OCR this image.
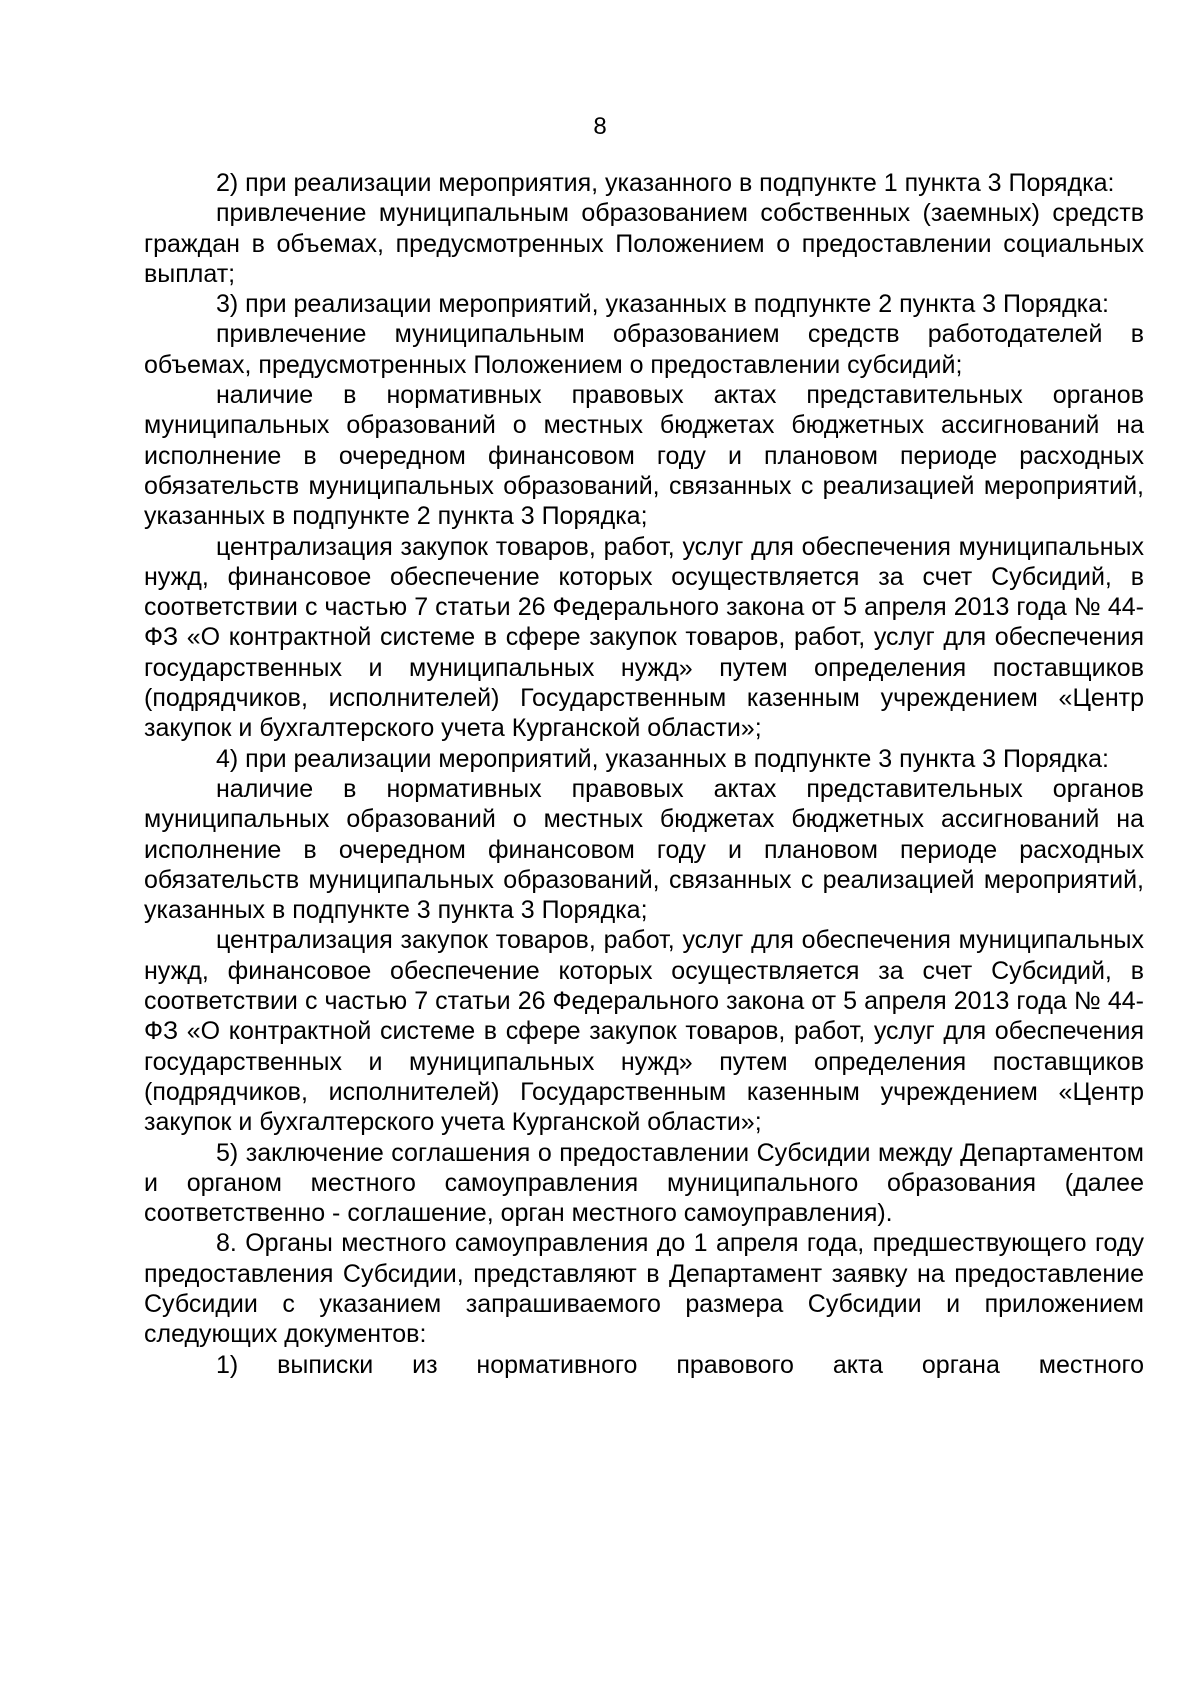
8

2) при реализации мероприятия, указанного в подпункте 1 пункта 3 Порядка:

привлечение муниципальным образованием собственных (заемных) средств граждан в объемах, предусмотренных Положением о предоставлении социальных выплат;

3) при реализации мероприятий, указанных в подпункте 2 пункта 3 Порядка:

привлечение муниципальным образованием средств работодателей в объемах, предусмотренных Положением о предоставлении субсидий;

наличие в нормативных правовых актах представительных органов муниципальных образований о местных бюджетах бюджетных ассигнований на исполнение в очередном финансовом году и плановом периоде расходных обязательств муниципальных образований, связанных с реализацией мероприятий, указанных в подпункте 2 пункта 3 Порядка;

централизация закупок товаров, работ, услуг для обеспечения муниципальных нужд, финансовое обеспечение которых осуществляется за счет Субсидий, в соответствии с частью 7 статьи 26 Федерального закона от 5 апреля 2013 года № 44-ФЗ «О контрактной системе в сфере закупок товаров, работ, услуг для обеспечения государственных и муниципальных нужд» путем определения поставщиков (подрядчиков, исполнителей) Государственным казенным учреждением «Центр закупок и бухгалтерского учета Курганской области»;

4) при реализации мероприятий, указанных в подпункте 3 пункта 3 Порядка:

наличие в нормативных правовых актах представительных органов муниципальных образований о местных бюджетах бюджетных ассигнований на исполнение в очередном финансовом году и плановом периоде расходных обязательств муниципальных образований, связанных с реализацией мероприятий, указанных в подпункте 3 пункта 3 Порядка;

централизация закупок товаров, работ, услуг для обеспечения муниципальных нужд, финансовое обеспечение которых осуществляется за счет Субсидий, в соответствии с частью 7 статьи 26 Федерального закона от 5 апреля 2013 года № 44-ФЗ «О контрактной системе в сфере закупок товаров, работ, услуг для обеспечения государственных и муниципальных нужд» путем определения поставщиков (подрядчиков, исполнителей) Государственным казенным учреждением «Центр закупок и бухгалтерского учета Курганской области»;

5) заключение соглашения о предоставлении Субсидии между Департаментом и органом местного самоуправления муниципального образования (далее соответственно - соглашение, орган местного самоуправления).

8. Органы местного самоуправления до 1 апреля года, предшествующего году предоставления Субсидии, представляют в Департамент заявку на предоставление Субсидии с указанием запрашиваемого размера Субсидии и приложением следующих документов:

1) выписки из нормативного правового акта органа местного
